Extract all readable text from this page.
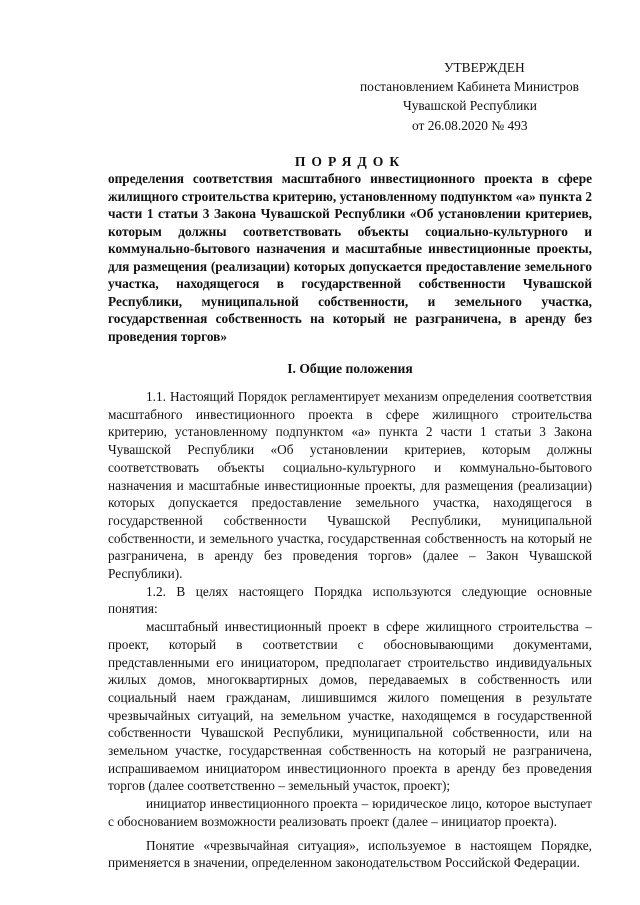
УТВЕРЖДЕН
постановлением Кабинета Министров
Чувашской Республики
от 26.08.2020 № 493
ПОРЯДОК
определения соответствия масштабного инвестиционного проекта в сфере жилищного строительства критерию, установленному подпунктом «а» пункта 2 части 1 статьи 3 Закона Чувашской Республики «Об установлении критериев, которым должны соответствовать объекты социально-культурного и коммунально-бытового назначения и масштабные инвестиционные проекты, для размещения (реализации) которых допускается предоставление земельного участка, находящегося в государственной собственности Чувашской Республики, муниципальной собственности, и земельного участка, государственная собственность на который не разграничена, в аренду без проведения торгов»
I. Общие положения

1.1. Настоящий Порядок регламентирует механизм определения соответствия масштабного инвестиционного проекта в сфере жилищного строительства критерию, установленному подпунктом «а» пункта 2 части 1 статьи 3 Закона Чувашской Республики «Об установлении критериев, которым должны соответствовать объекты социально-культурного и коммунально-бытового назначения и масштабные инвестиционные проекты, для размещения (реализации) которых допускается предоставление земельного участка, находящегося в государственной собственности Чувашской Республики, муниципальной собственности, и земельного участка, государственная собственность на который не разграничена, в аренду без проведения торгов» (далее – Закон Чувашской Республики).

1.2. В целях настоящего Порядка используются следующие основные понятия:

масштабный инвестиционный проект в сфере жилищного строительства – проект, который в соответствии с обосновывающими документами, представленными его инициатором, предполагает строительство индивидуальных жилых домов, многоквартирных домов, передаваемых в собственность или социальный наем гражданам, лишившимся жилого помещения в результате чрезвычайных ситуаций, на земельном участке, находящемся в государственной собственности Чувашской Республики, муниципальной собственности, или на земельном участке, государственная собственность на который не разграничена, испрашиваемом инициатором инвестиционного проекта в аренду без проведения торгов (далее соответственно – земельный участок, проект);

инициатор инвестиционного проекта – юридическое лицо, которое выступает с обоснованием возможности реализовать проект (далее – инициатор проекта).

Понятие «чрезвычайная ситуация», используемое в настоящем Порядке, применяется в значении, определенном законодательством Российской Федерации.
